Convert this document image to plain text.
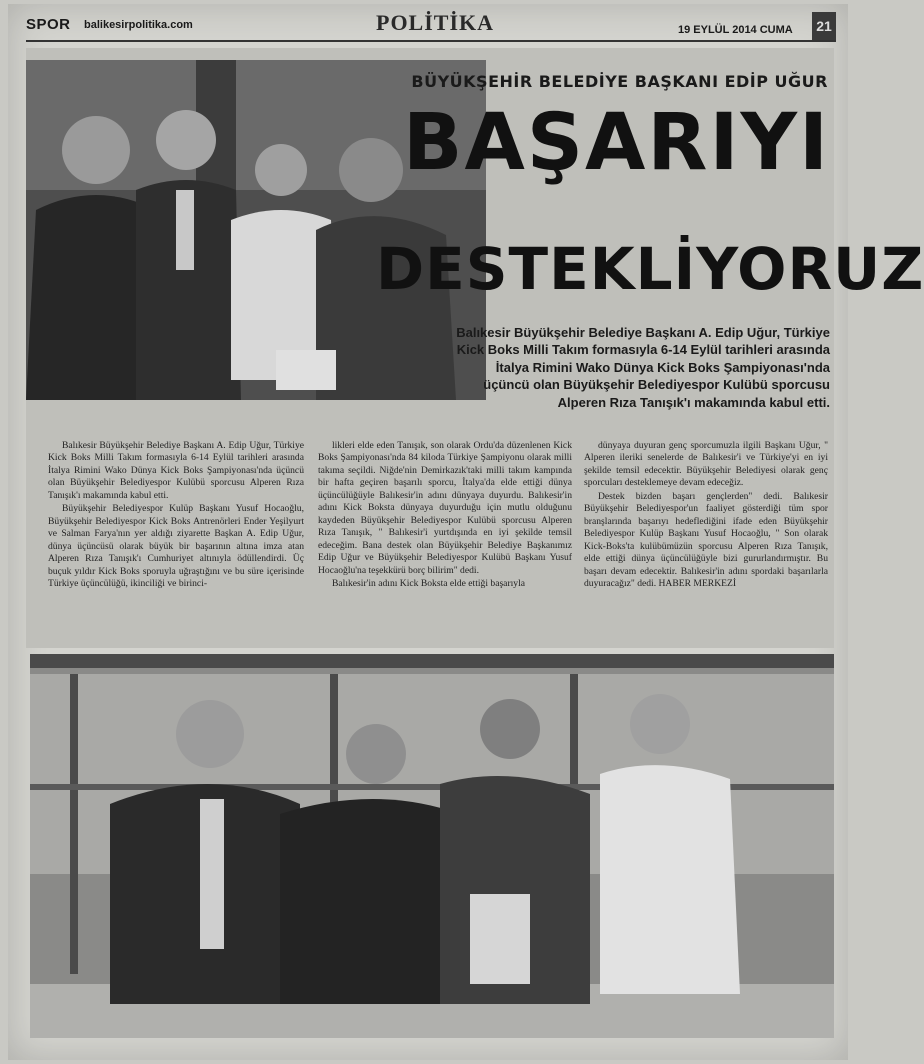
SPOR balikesirpolitika.com	POLİTİKA	19 EYLÜL 2014 CUMA	21
BÜYÜKŞEHİR BELEDİYE BAŞKANI EDİP UĞUR
BAŞARIYI
DESTEKLİYORUZ
Balıkesir Büyükşehir Belediye Başkanı A. Edip Uğur, Türkiye Kick Boks Milli Takım formasıyla 6-14 Eylül tarihleri arasında İtalya Rimini Wako Dünya Kick Boks Şampiyonası'nda üçüncü olan Büyükşehir Belediyespor Kulübü sporcusu Alperen Rıza Tanışık'ı makamında kabul etti.

Balıkesir Büyükşehir Belediye Başkanı A. Edip Uğur, Türkiye Kick Boks Milli Takım formasıyla 6-14 Eylül tarihleri arasında İtalya Rimini Wako Dünya Kick Boks Şampiyonası'nda üçüncü olan Büyükşehir Belediyespor Kulübü sporcusu Alperen Rıza Tanışık'ı makamında kabul etti.

Büyükşehir Belediyespor Kulüp Başkanı Yusuf Hocaoğlu, Büyükşehir Belediyespor Kick Boks Antrenörleri Ender Yeşilyurt ve Salman Farya'nın yer aldığı ziyarette Başkan A. Edip Uğur, dünya üçüncüsü olarak büyük bir başarının altına imza atan Alperen Rıza Tanışık'ı Cumhuriyet altınıyla ödüllendirdi. Üç buçuk yıldır Kick Boks sporuyla uğraştığını ve bu süre içerisinde Türkiye üçüncülüğü, ikinciliği ve birinci-

likleri elde eden Tanışık, son olarak Ordu'da düzenlenen Kick Boks Şampiyonası'nda 84 kiloda Türkiye Şampiyonu olarak milli takıma seçildi. Niğde'nin Demirkazık'taki milli takım kampında bir hafta geçiren başarılı sporcu, İtalya'da elde ettiği dünya üçüncülüğüyle Balıkesir'in adını dünyaya duyurdu. Balıkesir'in adını Kick Boksta dünyaya duyurduğu için mutlu olduğunu kaydeden Büyükşehir Belediyespor Kulübü sporcusu Alperen Rıza Tanışık, " Balıkesir'i yurtdışında en iyi şekilde temsil edeceğim. Bana destek olan Büyükşehir Belediye Başkanımız Edip Uğur ve Büyükşehir Belediyespor Kulübü Başkanı Yusuf Hocaoğlu'na teşekkürü borç bilirim" dedi.

Balıkesir'in adını Kick Boksta elde ettiği başarıyla

dünyaya duyuran genç sporcumuzla ilgili Başkanı Uğur, " Alperen ileriki senelerde de Balıkesir'i ve Türkiye'yi en iyi şekilde temsil edecektir. Büyükşehir Belediyesi olarak genç sporcuları desteklemeye devam edeceğiz.

Destek bizden başarı gençlerden" dedi. Balıkesir Büyükşehir Belediyespor'un faaliyet gösterdiği tüm spor branşlarında başarıyı hedeflediğini ifade eden Büyükşehir Belediyespor Kulüp Başkanı Yusuf Hocaoğlu, " Son olarak Kick-Boks'ta kulübümüzün sporcusu Alperen Rıza Tanışık, elde ettiği dünya üçüncülüğüyle bizi gururlandırmıştır. Bu başarı devam edecektir. Balıkesir'in adını spordaki başarılarla duyuracağız" dedi. HABER MERKEZİ
